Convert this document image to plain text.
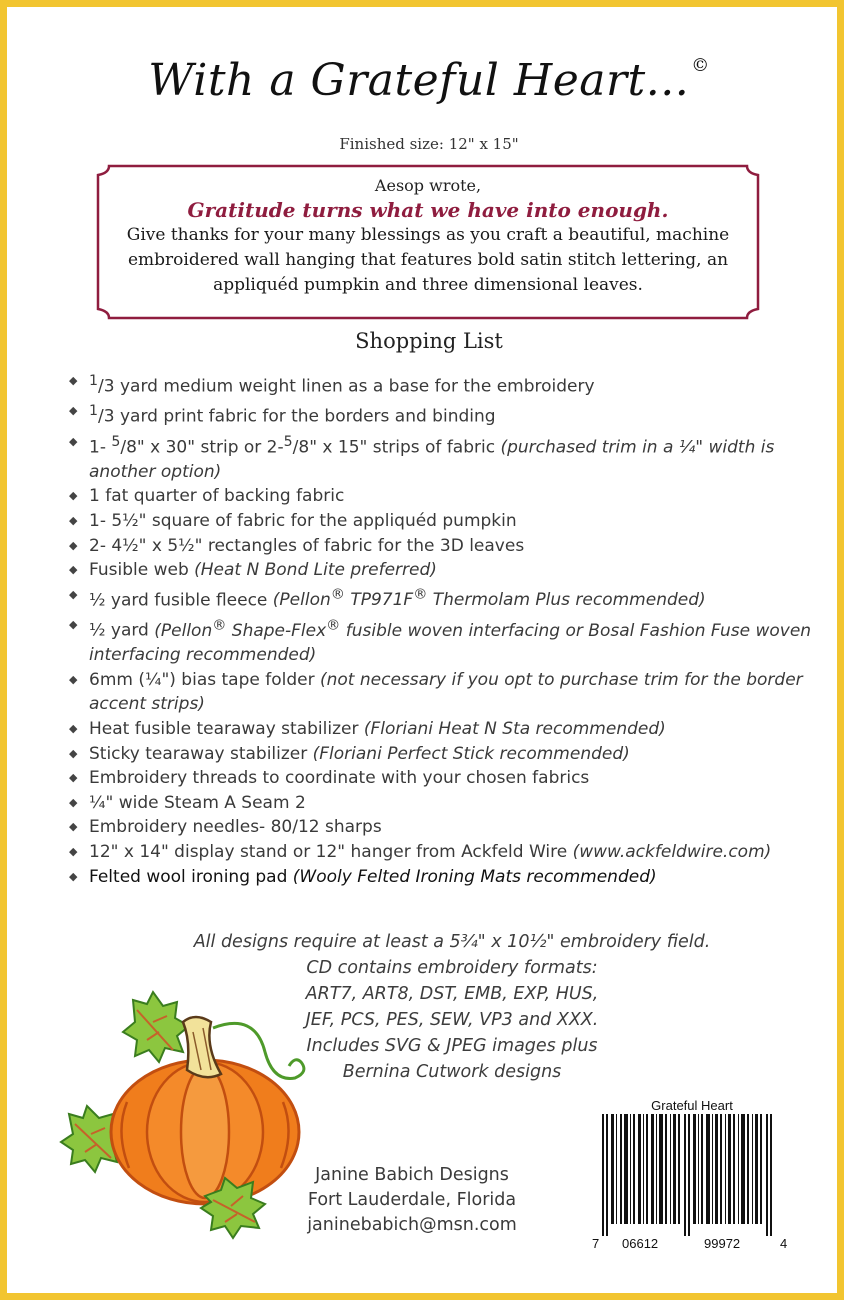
With a Grateful Heart... ©
Finished size: 12" x 15"
Aesop wrote,
Gratitude turns what we have into enough.
Give thanks for your many blessings as you craft a beautiful, machine embroidered wall hanging that features bold satin stitch lettering, an appliquéd pumpkin and three dimensional leaves.
Shopping List
◆ $^1$/3 yard medium weight linen as a base for the embroidery
◆ $^1$/3 yard print fabric for the borders and binding
◆ 1- $^5$/8" x 30" strip or 2-$^5$/8" x 15" strips of fabric (purchased trim in a ¼" width is another option)
◆ 1 fat quarter of backing fabric
◆ 1- 5½" square of fabric for the appliquéd pumpkin
◆ 2- 4½" x 5½" rectangles of fabric for the 3D leaves
◆ Fusible web (Heat N Bond Lite preferred)
◆ ½ yard fusible fleece (Pellon® TP971F® Thermolam Plus recommended)
◆ ½ yard (Pellon® Shape-Flex® fusible woven interfacing or Bosal Fashion Fuse woven interfacing recommended)
◆ 6mm (¼") bias tape folder (not necessary if you opt to purchase trim for the border accent strips)
◆ Heat fusible tearaway stabilizer (Floriani Heat N Sta recommended)
◆ Sticky tearaway stabilizer (Floriani Perfect Stick recommended)
◆ Embroidery threads to coordinate with your chosen fabrics
◆ ¼" wide Steam A Seam 2
◆ Embroidery needles- 80/12 sharps
◆ 12" x 14" display stand or 12" hanger from Ackfeld Wire (www.ackfeldwire.com)
◆ Felted wool ironing pad (Wooly Felted Ironing Mats recommended)
All designs require at least a 5¾" x 10½" embroidery field.
CD contains embroidery formats:
ART7, ART8, DST, EMB, EXP, HUS,
JEF, PCS, PES, SEW, VP3 and XXX.
Includes SVG & JPEG images plus
Bernina Cutwork designs
Janine Babich Designs
Fort Lauderdale, Florida
janinebabich@msn.com
Grateful Heart
7 06612	99972	4
